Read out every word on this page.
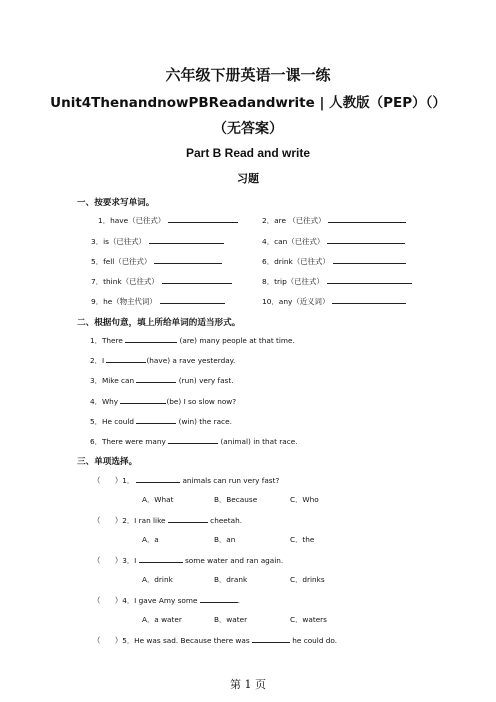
六年级下册英语一课一练
Unit4ThenandnowPBReadandwrite | 人教版（PEP）（）
（无答案）
Part B Read and write
习题
一、按要求写单词。
1．have（已往式）	2．are （已往式）
3．is（已往式）	4．can（已往式）
5．fell（已往式）	6．drink（已往式）
7．think（已往式）	8．trip（已往式）
9．he（物主代词）	10．any（近义词）
二、根据句意，填上所给单词的适当形式。
1．There	(are) many people at that time.
2．I	(have) a rave yesterday.
3．Mike can	(run) very fast.
4．Why	(be) I so slow now?
5．He could	(win) the race.
6．There were many	(animal) in that race.
三、单项选择。
（　　）1．	animals can run very fast?
A．What	B．Because	C．Who
（　　）2．I ran like	cheetah.
A．a	B．an	C．the
（　　）3．I	some water and ran again.
A．drink	B．drank	C．drinks
（　　）4．I gave Amy some	.
A．a water	B．water	C．waters
（　　）5．He was sad. Because there was	he could do.
第 1 页
